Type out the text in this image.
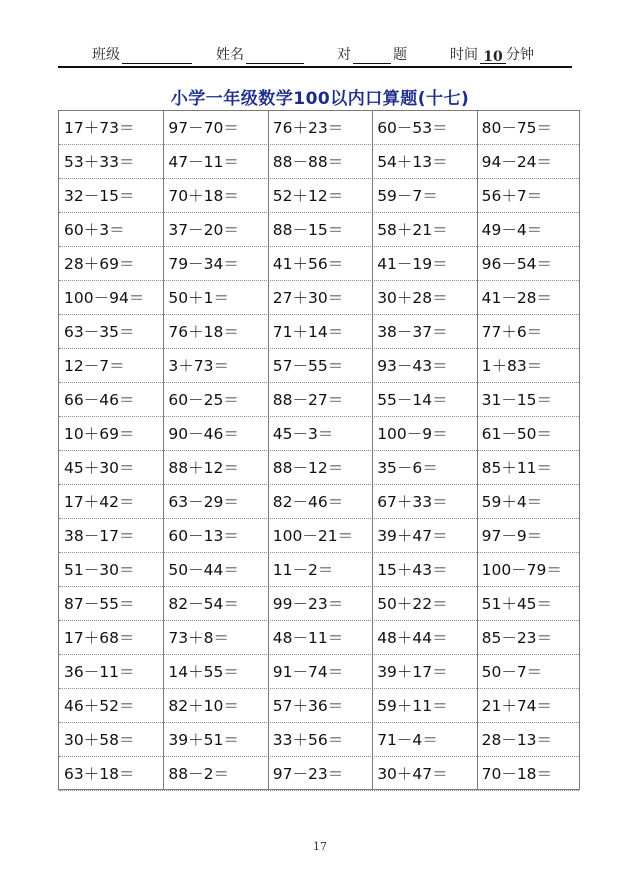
班级	姓名	对	题	时间 10 分钟
小学一年级数学100以内口算题(十七)
17＋73＝	97－70＝	76＋23＝	60－53＝	80－75＝
53＋33＝	47－11＝	88－88＝	54＋13＝	94－24＝
32－15＝	70＋18＝	52＋12＝	59－7＝	56＋7＝
60＋3＝	37－20＝	88－15＝	58＋21＝	49－4＝
28＋69＝	79－34＝	41＋56＝	41－19＝	96－54＝
100－94＝	50＋1＝	27＋30＝	30＋28＝	41－28＝
63－35＝	76＋18＝	71＋14＝	38－37＝	77＋6＝
12－7＝	3＋73＝	57－55＝	93－43＝	1＋83＝
66－46＝	60－25＝	88－27＝	55－14＝	31－15＝
10＋69＝	90－46＝	45－3＝	100－9＝	61－50＝
45＋30＝	88＋12＝	88－12＝	35－6＝	85＋11＝
17＋42＝	63－29＝	82－46＝	67＋33＝	59＋4＝
38－17＝	60－13＝	100－21＝	39＋47＝	97－9＝
51－30＝	50－44＝	11－2＝	15＋43＝	100－79＝
87－55＝	82－54＝	99－23＝	50＋22＝	51＋45＝
17＋68＝	73＋8＝	48－11＝	48＋44＝	85－23＝
36－11＝	14＋55＝	91－74＝	39＋17＝	50－7＝
46＋52＝	82＋10＝	57＋36＝	59＋11＝	21＋74＝
30＋58＝	39＋51＝	33＋56＝	71－4＝	28－13＝
63＋18＝	88－2＝	97－23＝	30＋47＝	70－18＝
17
